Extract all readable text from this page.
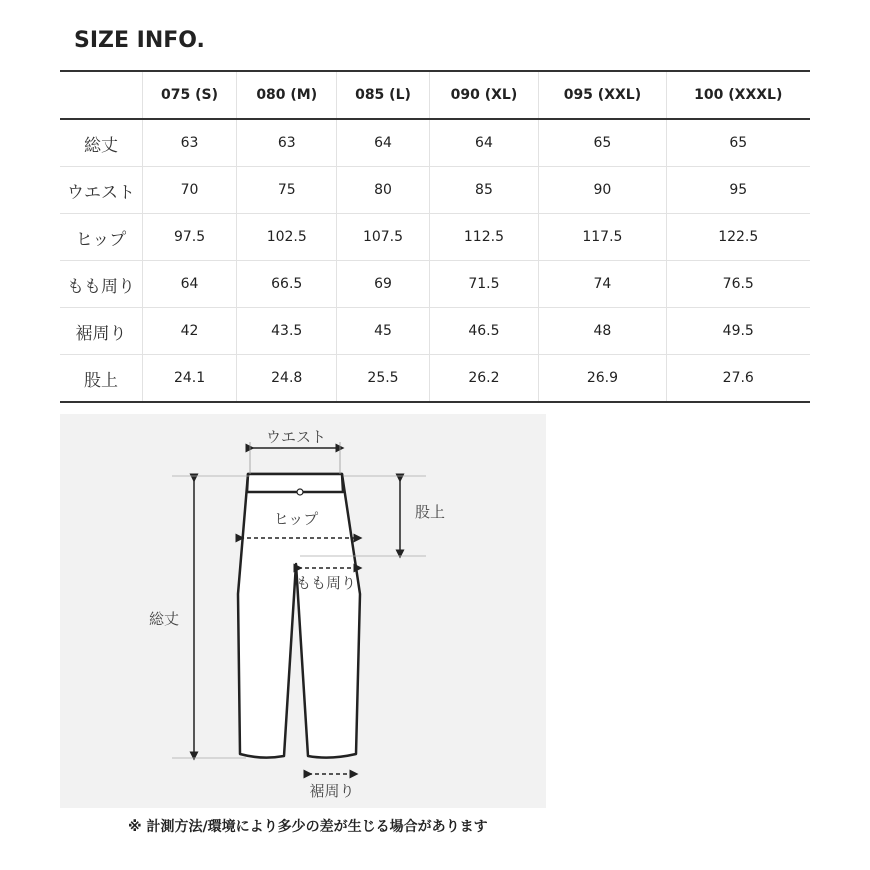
SIZE INFO.
	075 (S)	080 (M)	085 (L)	090 (XL)	095 (XXL)	100 (XXXL)
総丈	63	63	64	64	65	65
ウエスト	70	75	80	85	90	95
ヒップ	97.5	102.5	107.5	112.5	117.5	122.5
もも周り	64	66.5	69	71.5	74	76.5
裾周り	42	43.5	45	46.5	48	49.5
股上	24.1	24.8	25.5	26.2	26.9	27.6
ウエスト
総丈
股上
ヒップ
もも周り
裾周り
※ 計測方法/環境により多少の差が生じる場合があります
